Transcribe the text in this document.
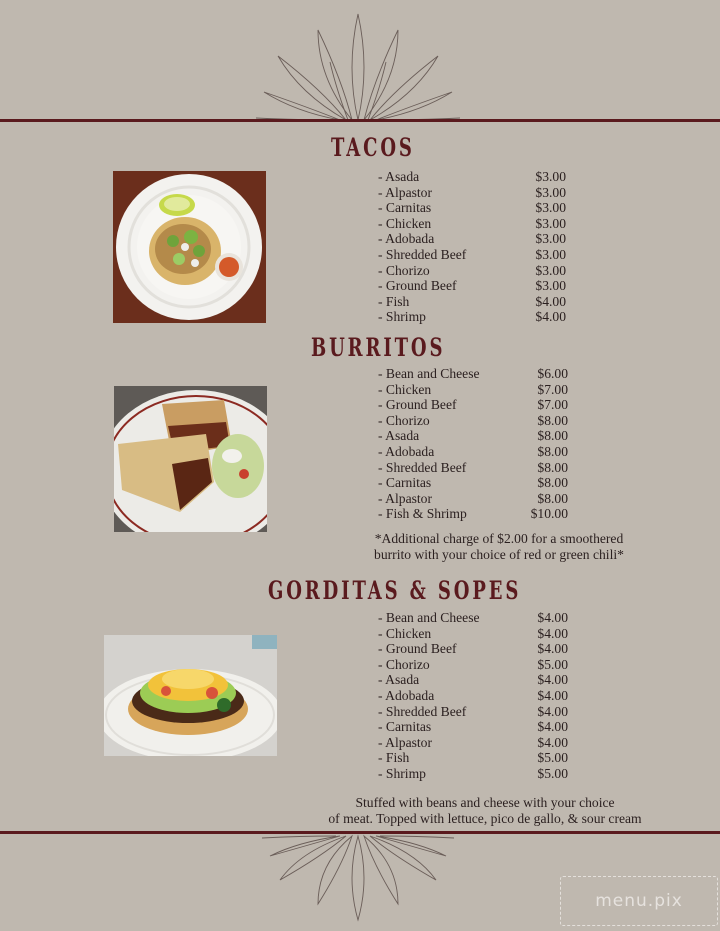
TACOS
- Asada	$3.00
- Alpastor	$3.00
- Carnitas	$3.00
- Chicken	$3.00
- Adobada	$3.00
- Shredded Beef	$3.00
- Chorizo	$3.00
- Ground Beef	$3.00
- Fish	$4.00
- Shrimp	$4.00
BURRITOS
- Bean and Cheese	$6.00
- Chicken	$7.00
- Ground Beef	$7.00
- Chorizo	$8.00
- Asada	$8.00
- Adobada	$8.00
- Shredded Beef	$8.00
- Carnitas	$8.00
- Alpastor	$8.00
- Fish & Shrimp	$10.00
*Additional charge of $2.00 for a smoothered
burrito with your choice of red or green chili*
GORDITAS & SOPES
- Bean and Cheese	$4.00
- Chicken	$4.00
- Ground Beef	$4.00
- Chorizo	$5.00
- Asada	$4.00
- Adobada	$4.00
- Shredded Beef	$4.00
- Carnitas	$4.00
- Alpastor	$4.00
- Fish	$5.00
- Shrimp	$5.00
Stuffed with beans and cheese with your choice
of meat. Topped with lettuce, pico de gallo, & sour cream
menu.pix
